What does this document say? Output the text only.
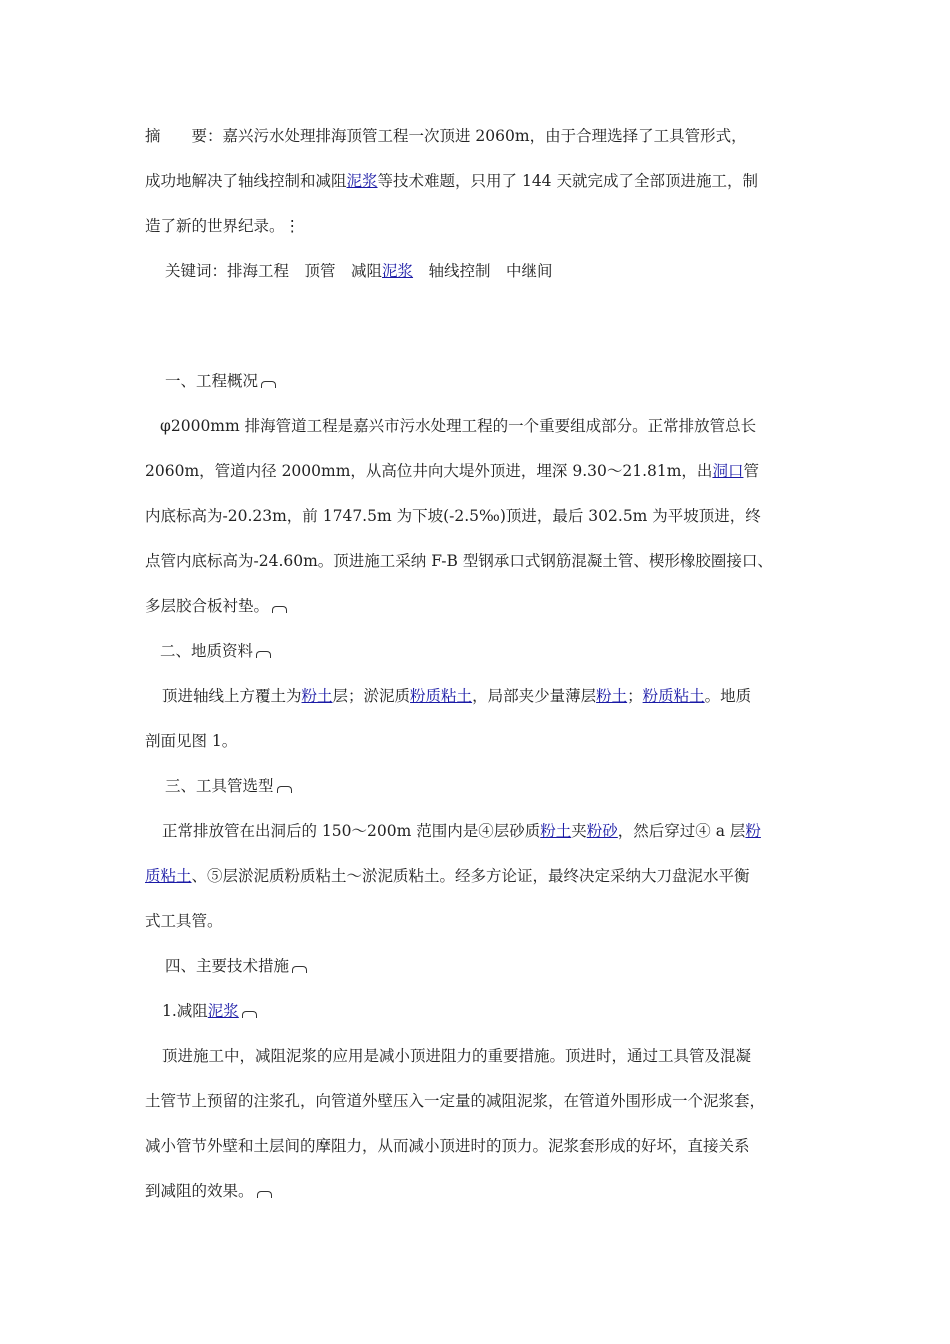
摘　　要：嘉兴污水处理排海顶管工程一次顶进 2060m，由于合理选择了工具管形式，
成功地解决了轴线控制和减阻泥浆等技术难题，只用了 144 天就完成了全部顶进施工，制
造了新的世界纪录。⋮
关键词：排海工程　顶管　减阻泥浆　轴线控制　中继间
一、工程概况
φ2000mm 排海管道工程是嘉兴市污水处理工程的一个重要组成部分。正常排放管总长
2060m，管道内径 2000mm，从高位井向大堤外顶进，埋深 9.30～21.81m，出洞口管
内底标高为-20.23m，前 1747.5m 为下坡(-2.5‰)顶进，最后 302.5m 为平坡顶进，终
点管内底标高为-24.60m。顶进施工采纳 F-B 型钢承口式钢筋混凝土管、楔形橡胶圈接口、
多层胶合板衬垫。
二、地质资料
顶进轴线上方覆土为粉土层；淤泥质粉质粘土，局部夹少量薄层粉土；粉质粘土。地质
剖面见图 1。
三、工具管选型
正常排放管在出洞后的 150～200m 范围内是④层砂质粉土夹粉砂，然后穿过④ a 层粉
质粘土、⑤层淤泥质粉质粘土～淤泥质粘土。经多方论证，最终决定采纳大刀盘泥水平衡
式工具管。
四、主要技术措施
1.减阻泥浆
顶进施工中，减阻泥浆的应用是减小顶进阻力的重要措施。顶进时，通过工具管及混凝
土管节上预留的注浆孔，向管道外壁压入一定量的减阻泥浆，在管道外围形成一个泥浆套，
减小管节外壁和土层间的摩阻力，从而减小顶进时的顶力。泥浆套形成的好坏，直接关系
到减阻的效果。
